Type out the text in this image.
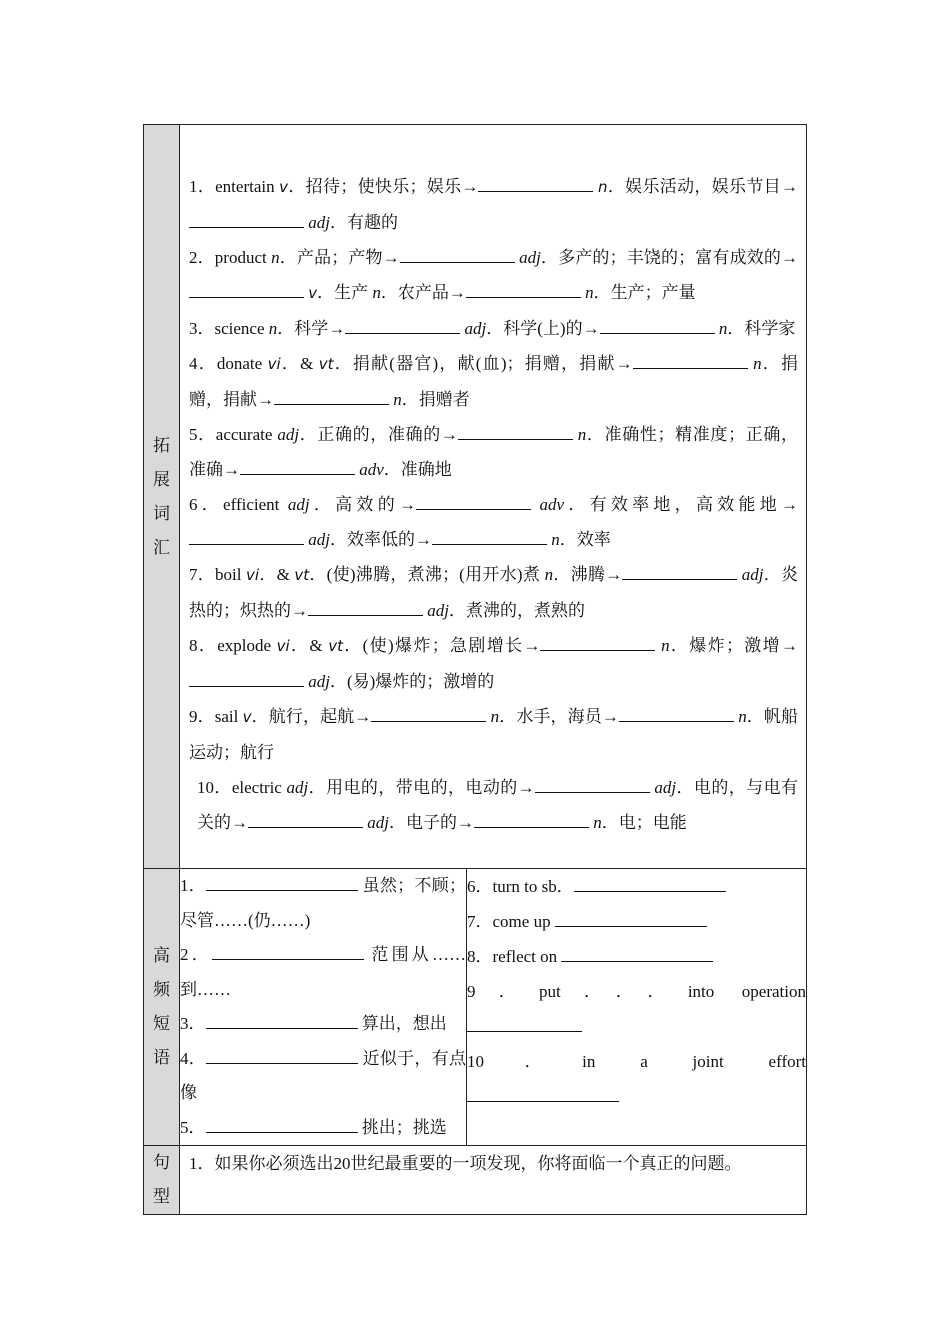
拓
展
词
汇

1．entertain v．招待；使快乐；娱乐→	n．娱乐活动，娱乐节目→ adj．有趣的
2．product n．产品；产物→	adj．多产的；丰饶的；富有成效的→ v．生产 n．农产品→	n．生产；产量
3．science n．科学→	adj．科学(上)的→	n．科学家
4．donate vi．& vt．捐献(器官)，献(血)；捐赠，捐献→	n．捐赠，捐献→	n．捐赠者
5．accurate adj．正确的，准确的→	n．准确性；精准度；正确，准确→	adv．准确地
6．efficient adj．高效的→	adv．有效率地，高效能地→ adj．效率低的→	n．效率
7．boil vi．& vt．(使)沸腾，煮沸；(用开水)煮 n．沸腾→	adj．炎热的；炽热的→	adj．煮沸的，煮熟的
8．explode vi．& vt．(使)爆炸；急剧增长→	n．爆炸；激增→ adj．(易)爆炸的；激增的
9．sail v．航行，起航→	n．水手，海员→	n．帆船运动；航行
10．electric adj．用电的，带电的，电动的→	adj．电的，与电有关的→	adj．电子的→	n．电；电能

高
频
短
语

1．	虽然；不顾；尽管……(仍……)
2．	范围从……到……
3．	算出，想出
4．	近似于，有点像
5．	挑出；挑选

6．turn to sb．
7．come up
8．reflect on
9．put．．．into operation
10．in a joint effort

句
型
	1．如果你必须选出20世纪最重要的一项发现，你将面临一个真正的问题。
